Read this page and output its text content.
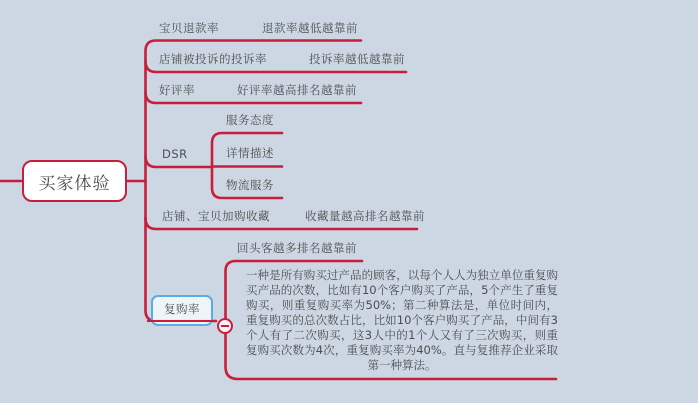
买家体验
宝贝退款率	退款率越低越靠前
店铺被投诉的投诉率	投诉率越低越靠前
好评率	好评率越高排名越靠前
DSR
服务态度
详情描述
物流服务
店铺、宝贝加购收藏	收藏量越高排名越靠前
回头客越多排名越靠前
复购率
一种是所有购买过产品的顾客，以每个人人为独立单位重复购买产品的次数，比如有10个客户购买了产品，5个产生了重复购买，则重复购买率为50%；第二种算法是，单位时间内，重复购买的总次数占比，比如10个客户购买了产品，中间有3个人有了二次购买，这3人中的1个人又有了三次购买，则重复购买次数为4次，重复购买率为40%。直与复推荐企业采取第一种算法。
